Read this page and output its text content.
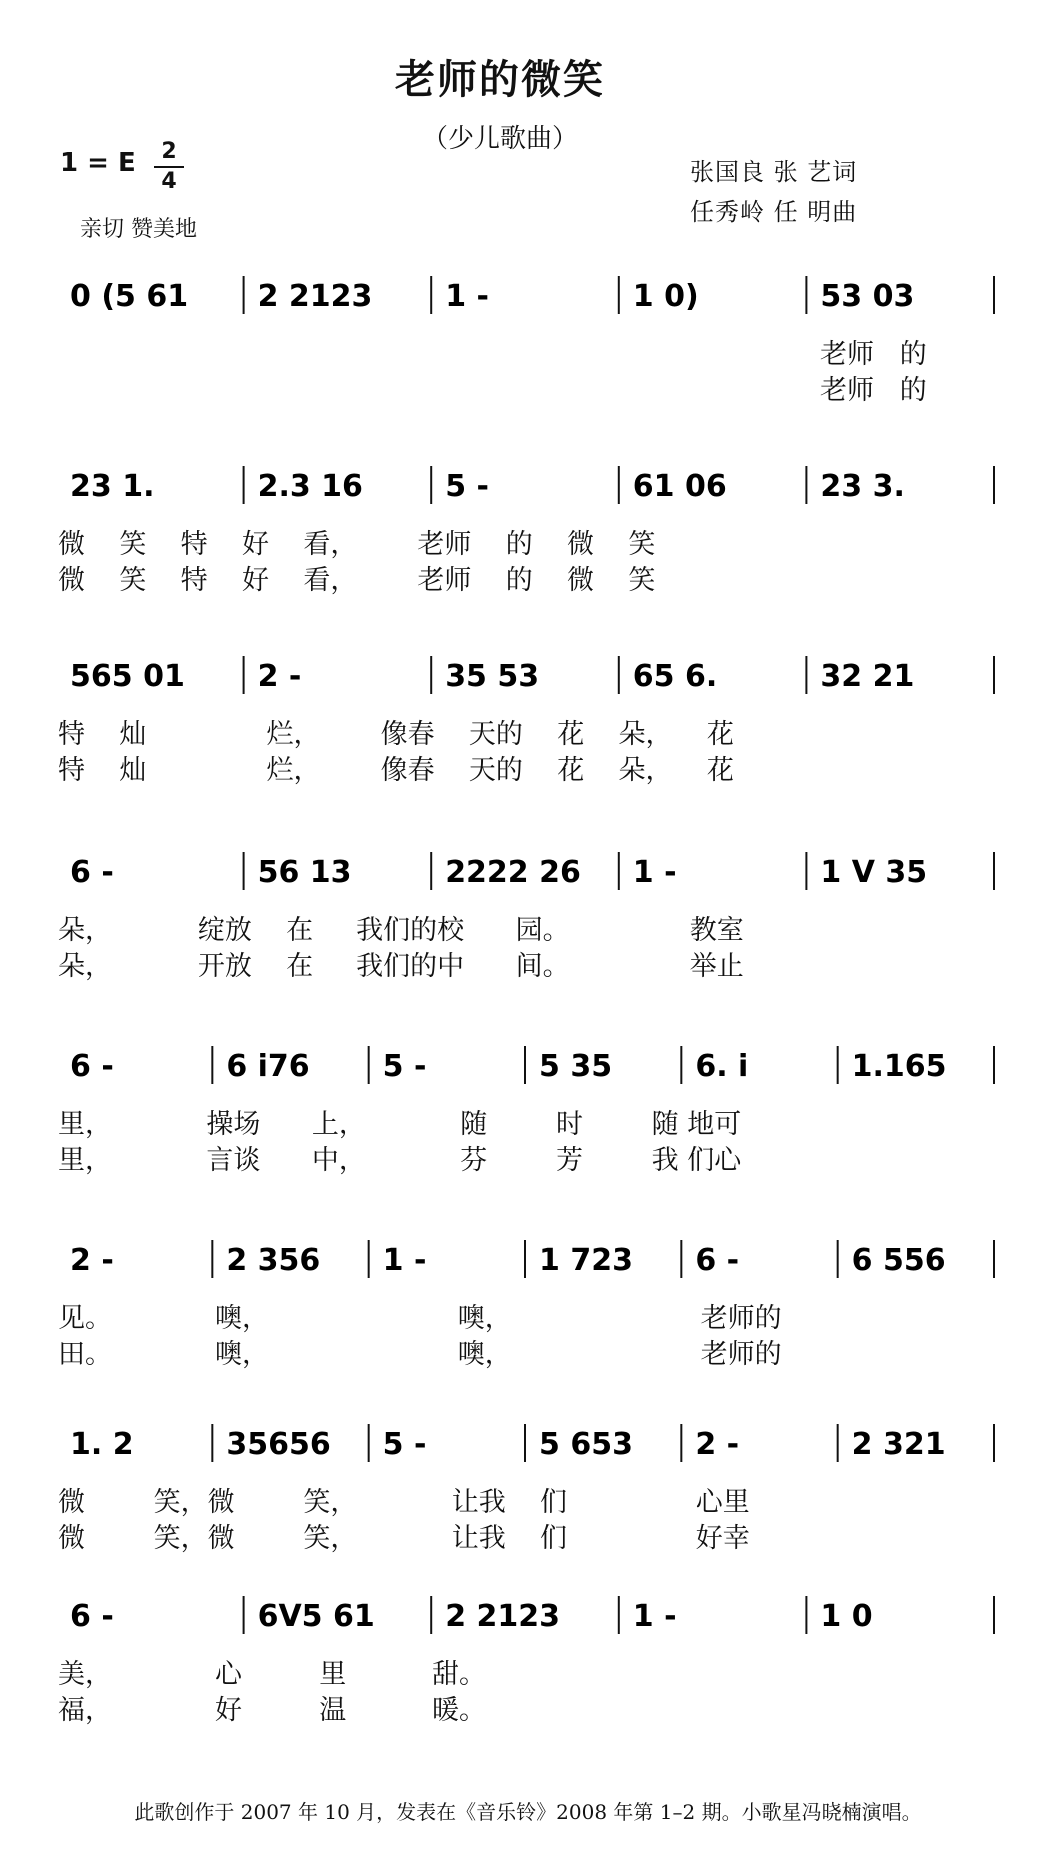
老师的微笑
（少儿歌曲）
1 = E	2
4	张国良 张 艺词
任秀岭 任 明曲
亲切 赞美地
0 (5 61 2 2123 1 -	1 0)	53 03
老师   的
老师   的
23 1.	2.3 16	5 -	61 06	23 3.
微    笑    特    好    看，       老师    的    微    笑
微    笑    特    好    看，       老师    的    微    笑
565 01 2 -	35 53	65 6.	32 21
特    灿              烂，       像春    天的    花    朵，    花
特    灿              烂，       像春    天的    花    朵，    花
6 -	56 13	2222 26 1 -	1 V 35
朵，          绽放    在     我们的校      园。              教室
朵，          开放    在     我们的中      间。              举止
6 -	6 i76 5 -	5 35	6. i	1.165
里，           操场      上，           随        时        随 地可
里，           言谈      中，           芬        芳        我 们心
2 -	2 356 1 -	1 723 6 -	6 556
见。            噢，                      噢，                      老师的
田。            噢，                      噢，                      老师的
1. 2	35656 5 -	5 653 2 -	2 321
微        笑，微        笑，           让我    们               心里
微        笑，微        笑，           让我    们               好幸
6 -	6V5 61 2 2123 1 -	1 0
美，            心         里          甜。
福，            好         温          暖。
此歌创作于 2007 年 10 月，发表在《音乐铃》2008 年第 1–2 期。小歌星冯晓楠演唱。
